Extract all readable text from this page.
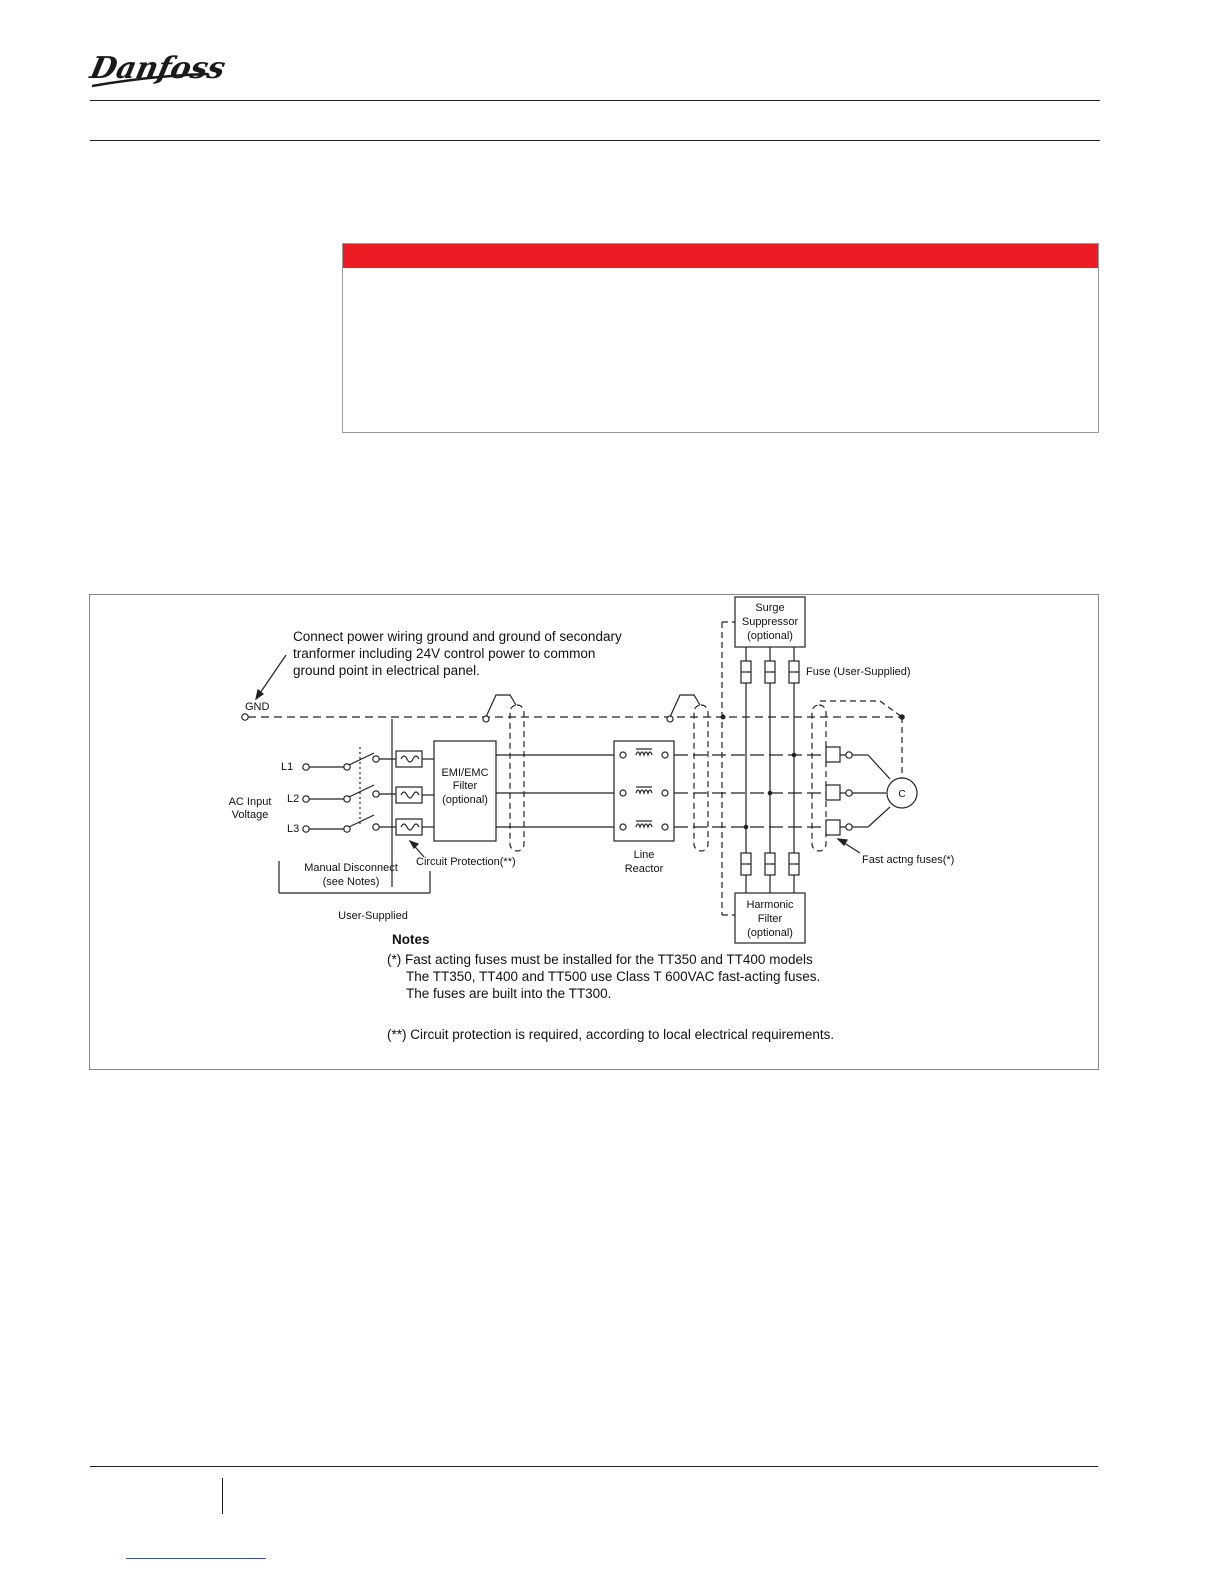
Danfoss
Connect power wiring ground and ground of secondary
tranformer including 24V control power to common
ground point in electrical panel.
GND
L1
L2
L3
AC Input
Voltage
Manual Disconnect
(see Notes)
User-Supplied
Circuit Protection(**)
EMI/EMC
Filter
(optional)
Line
Reactor
Surge
Suppressor
(optional)
Fuse (User-Supplied)
Harmonic
Filter
(optional)
Fast actng fuses(*)
C
Notes
(*) Fast acting fuses must be installed for the TT350 and TT400 models
The TT350, TT400 and TT500 use Class T 600VAC fast-acting fuses.
The fuses are built into the TT300.
(**) Circuit protection is required, according to local electrical requirements.
